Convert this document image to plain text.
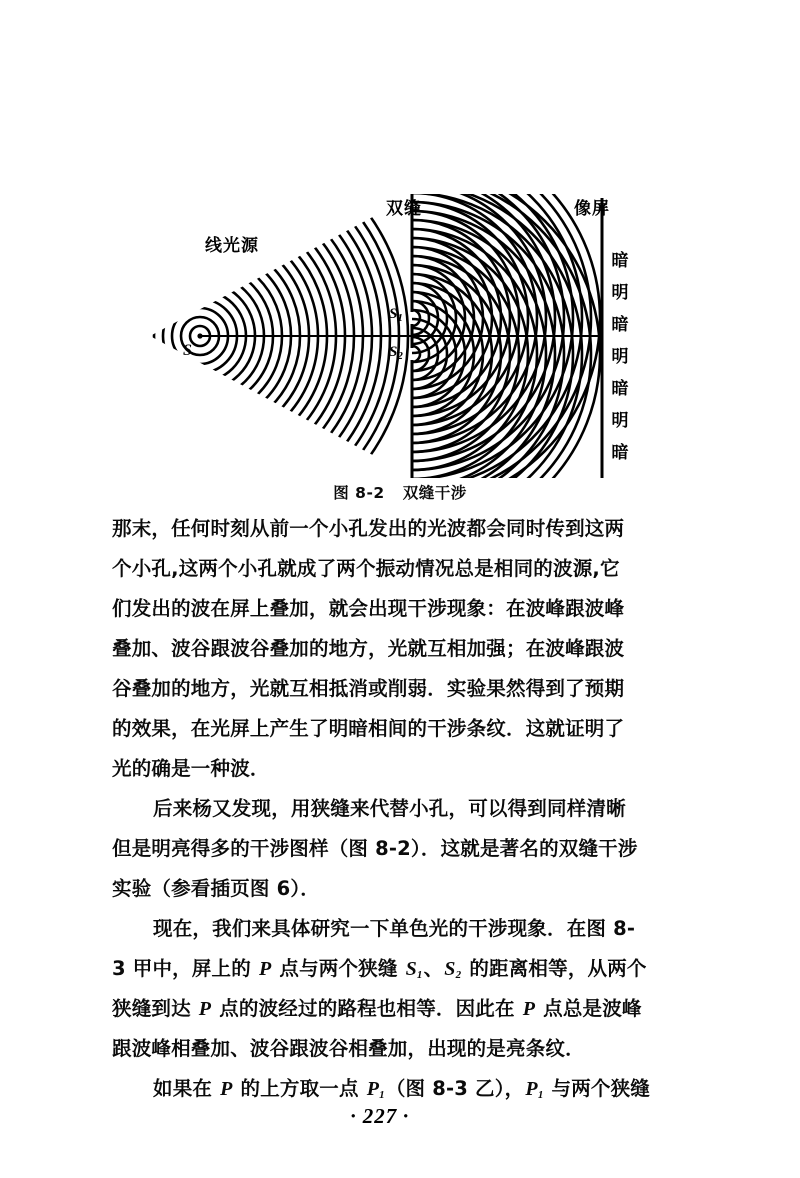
线光源
双缝	像屏
S
$S_1$
$S_2$
暗
明
暗
明
暗
明
暗
图 8-2 双缝干涉
那末，任何时刻从前一个小孔发出的光波都会同时传到这两
个小孔,这两个小孔就成了两个振动情况总是相同的波源,它
们发出的波在屏上叠加，就会出现干涉现象：在波峰跟波峰
叠加、波谷跟波谷叠加的地方，光就互相加强；在波峰跟波
谷叠加的地方，光就互相抵消或削弱．实验果然得到了预期
的效果，在光屏上产生了明暗相间的干涉条纹．这就证明了
光的确是一种波．
后来杨又发现，用狭缝来代替小孔，可以得到同样清晰
但是明亮得多的干涉图样（图 8-2）．这就是著名的双缝干涉
实验（参看插页图 6）．
现在，我们来具体研究一下单色光的干涉现象．在图 8-
3 甲中，屏上的 P 点与两个狭缝 $S_1$、$S_2$ 的距离相等，从两个
狭缝到达 P 点的波经过的路程也相等．因此在 P 点总是波峰
跟波峰相叠加、波谷跟波谷相叠加，出现的是亮条纹．
如果在 P 的上方取一点 $P_1$（图 8-3 乙），$P_1$ 与两个狭缝
· 227 ·
